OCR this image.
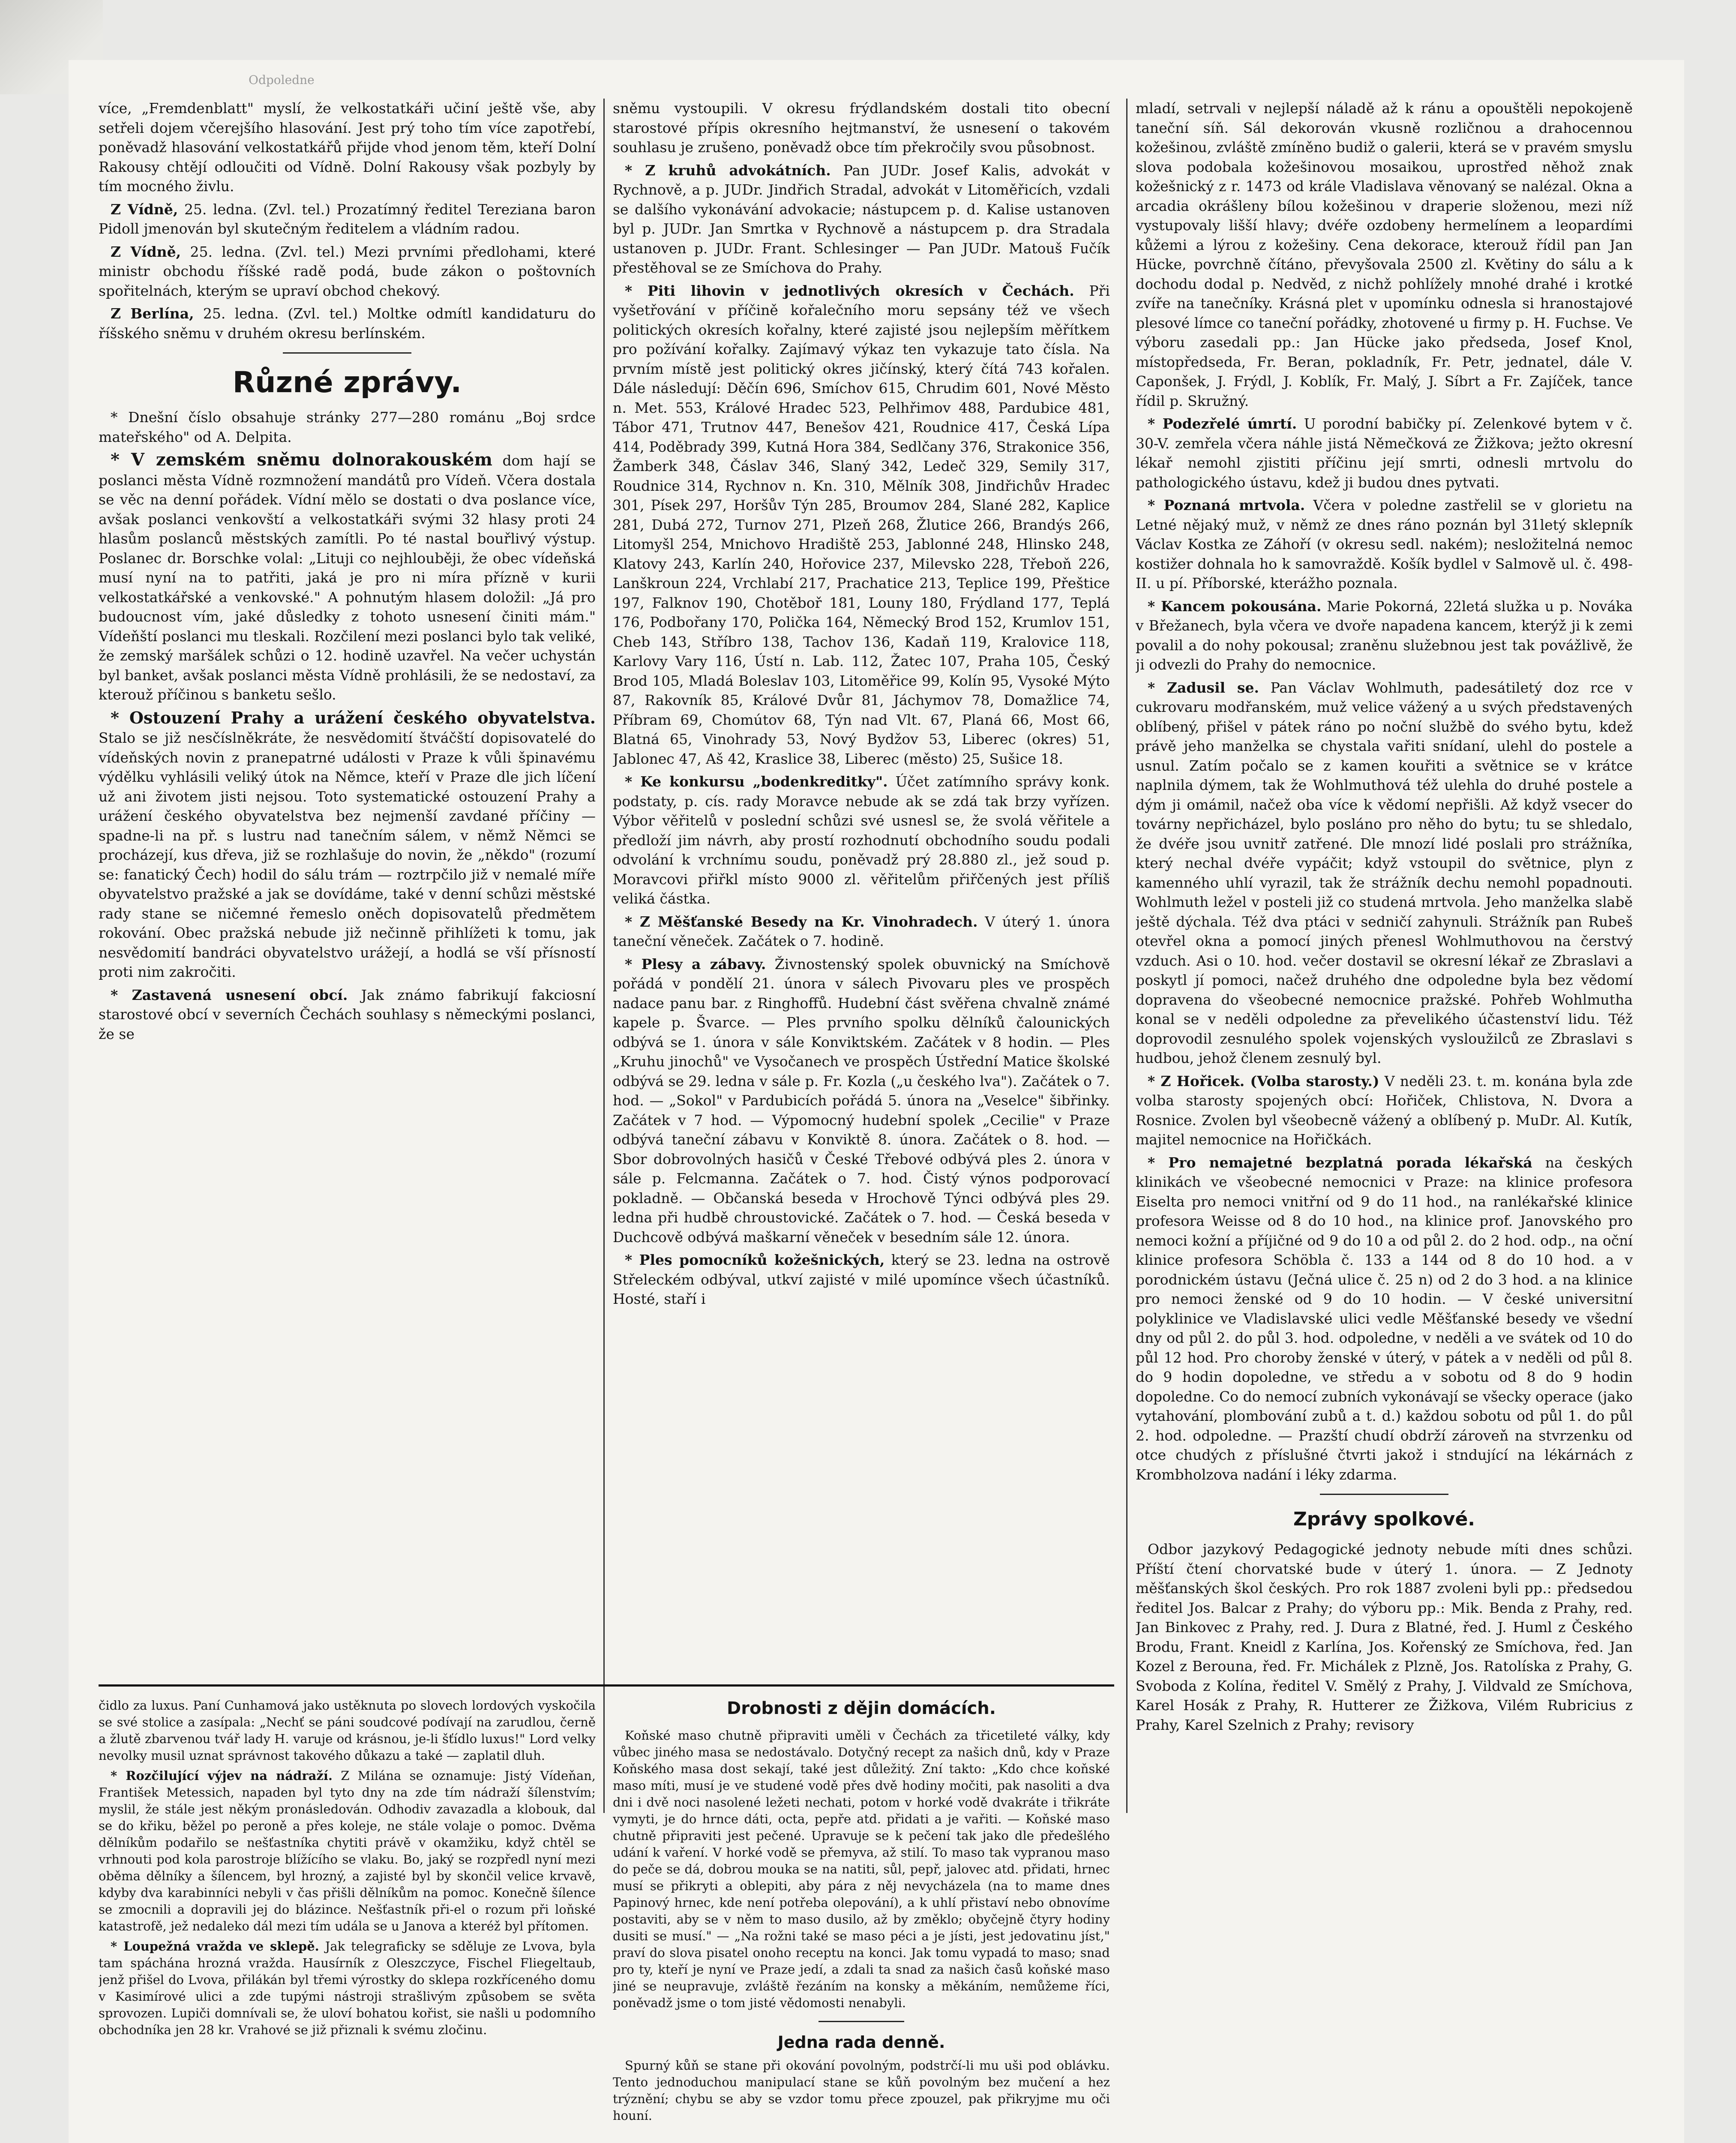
Odpoledne

více, „Fremdenblatt" myslí, že velkostatkáři učiní ještě vše, aby setřeli dojem včerejšího hlasování. Jest prý toho tím více zapotřebí, poněvadž hlasování velkostatkářů přijde vhod jenom těm, kteří Dolní Rakousy chtějí odloučiti od Vídně. Dolní Rakousy však pozbyly by tím mocného živlu.

Z Vídně, 25. ledna. (Zvl. tel.) Prozatímný ředitel Tereziana baron Pidoll jmenován byl skutečným ředitelem a vládním radou.

Z Vídně, 25. ledna. (Zvl. tel.) Mezi prvními předlohami, které ministr obchodu říšské radě podá, bude zákon o poštovních spořitelnách, kterým se upraví obchod chekový.

Z Berlína, 25. ledna. (Zvl. tel.) Moltke odmítl kandidaturu do říšského sněmu v druhém okresu berlínském.

Různé zprávy.

* Dnešní číslo obsahuje stránky 277—280 románu „Boj srdce mateřského" od A. Delpita.

* V zemském sněmu dolnorakouském dom hají se poslanci města Vídně rozmnožení mandátů pro Vídeň. Včera dostala se věc na denní pořádek. Vídní mělo se dostati o dva poslance více, avšak poslanci venkovští a velkostatkáři svými 32 hlasy proti 24 hlasům poslanců městských zamítli. Po té nastal bouřlivý výstup. Poslanec dr. Borschke volal: „Lituji co nejhlouběji, že obec vídeňská musí nyní na to patřiti, jaká je pro ni míra přízně v kurii velkostatkářské a venkovské." A pohnutým hlasem doložil: „Já pro budoucnost vím, jaké důsledky z tohoto usnesení činiti mám." Vídeňští poslanci mu tleskali. Rozčilení mezi poslanci bylo tak veliké, že zemský maršálek schůzi o 12. hodině uzavřel. Na večer uchystán byl banket, avšak poslanci města Vídně prohlásili, že se nedostaví, za kterouž příčinou s banketu sešlo.

* Ostouzení Prahy a urážení českého obyvatelstva. Stalo se již nesčíslněkráte, že nesvědomití štváčští dopisovatelé do vídeňských novin z pranepatrné události v Praze k vůli špinavému výdělku vyhlásili veliký útok na Němce, kteří v Praze dle jich líčení už ani životem jisti nejsou. Toto systematické ostouzení Prahy a urážení českého obyvatelstva bez nejmenší zavdané příčiny — spadne-li na př. s lustru nad tanečním sálem, v němž Němci se procházejí, kus dřeva, již se rozhlašuje do novin, že „někdo" (rozumí se: fanatický Čech) hodil do sálu trám — roztrpčilo již v nemalé míře obyvatelstvo pražské a jak se dovídáme, také v denní schůzi městské rady stane se ničemné řemeslo oněch dopisovatelů předmětem rokování. Obec pražská nebude již nečinně přihlížeti k tomu, jak nesvědomití bandráci obyvatelstvo urážejí, a hodlá se vší přísností proti nim zakročiti.

* Zastavená usnesení obcí. Jak známo fabrikují fakciosní starostové obcí v severních Čechách souhlasy s německými poslanci, že se

sněmu vystoupili. V okresu frýdlandském dostali tito obecní starostové přípis okresního hejtmanství, že usnesení o takovém souhlasu je zrušeno, poněvadž obce tím překročily svou působnost.

* Z kruhů advokátních. Pan JUDr. Josef Kalis, advokát v Rychnově, a p. JUDr. Jindřich Stradal, advokát v Litoměřicích, vzdali se dalšího vykonávání advokacie; nástupcem p. d. Kalise ustanoven byl p. JUDr. Jan Smrtka v Rychnově a nástupcem p. dra Stradala ustanoven p. JUDr. Frant. Schlesinger — Pan JUDr. Matouš Fučík přestěhoval se ze Smíchova do Prahy.

* Piti lihovin v jednotlivých okresích v Čechách. Při vyšetřování v příčině kořalečního moru sepsány též ve všech politických okresích kořalny, které zajisté jsou nejlepším měřítkem pro požívání kořalky. Zajímavý výkaz ten vykazuje tato čísla. Na prvním místě jest politický okres jičínský, který čítá 743 kořalen. Dále následují: Děčín 696, Smíchov 615, Chrudim 601, Nové Město n. Met. 553, Králové Hradec 523, Pelhřimov 488, Pardubice 481, Tábor 471, Trutnov 447, Benešov 421, Roudnice 417, Česká Lípa 414, Poděbrady 399, Kutná Hora 384, Sedlčany 376, Strakonice 356, Žamberk 348, Čáslav 346, Slaný 342, Ledeč 329, Semily 317, Roudnice 314, Rychnov n. Kn. 310, Mělník 308, Jindřichův Hradec 301, Písek 297, Horšův Týn 285, Broumov 284, Slané 282, Kaplice 281, Dubá 272, Turnov 271, Plzeň 268, Žlutice 266, Brandýs 266, Litomyšl 254, Mnichovo Hradiště 253, Jablonné 248, Hlinsko 248, Klatovy 243, Karlín 240, Hořovice 237, Milevsko 228, Třeboň 226, Lanškroun 224, Vrchlabí 217, Prachatice 213, Teplice 199, Přeštice 197, Falknov 190, Chotěboř 181, Louny 180, Frýdland 177, Teplá 176, Podbořany 170, Polička 164, Německý Brod 152, Krumlov 151, Cheb 143, Stříbro 138, Tachov 136, Kadaň 119, Kralovice 118, Karlovy Vary 116, Ústí n. Lab. 112, Žatec 107, Praha 105, Český Brod 105, Mladá Boleslav 103, Litoměřice 99, Kolín 95, Vysoké Mýto 87, Rakovník 85, Králové Dvůr 81, Jáchymov 78, Domažlice 74, Příbram 69, Chomútov 68, Týn nad Vlt. 67, Planá 66, Most 66, Blatná 65, Vinohrady 53, Nový Bydžov 53, Liberec (okres) 51, Jablonec 47, Aš 42, Kraslice 38, Liberec (město) 25, Sušice 18.

* Ke konkursu „bodenkreditky". Účet zatímního správy konk. podstaty, p. cís. rady Moravce nebude ak se zdá tak brzy vyřízen. Výbor věřitelů v poslední schůzi své usnesl se, že svolá věřitele a předloží jim návrh, aby prostí rozhodnutí obchodního soudu podali odvolání k vrchnímu soudu, poněvadž prý 28.880 zl., jež soud p. Moravcovi přiřkl místo 9000 zl. věřitelům přiřčených jest příliš veliká částka.

* Z Měšťanské Besedy na Kr. Vinohradech. V úterý 1. února taneční věneček. Začátek o 7. hodině.

* Plesy a zábavy. Živnostenský spolek obuvnický na Smíchově pořádá v pondělí 21. února v sálech Pivovaru ples ve prospěch nadace panu bar. z Ringhoffů. Hudební část svěřena chvalně známé kapele p. Švarce. — Ples prvního spolku dělníků čalounických odbývá se 1. února v sále Konviktském. Začátek v 8 hodin. — Ples „Kruhu jinochů" ve Vysočanech ve prospěch Ústřední Matice školské odbývá se 29. ledna v sále p. Fr. Kozla („u českého lva"). Začátek o 7. hod. — „Sokol" v Pardubicích pořádá 5. února na „Veselce" šibřinky. Začátek v 7 hod. — Výpomocný hudební spolek „Cecilie" v Praze odbývá taneční zábavu v Konviktě 8. února. Začátek o 8. hod. — Sbor dobrovolných hasičů v České Třebové odbývá ples 2. února v sále p. Felcmanna. Začátek o 7. hod. Čistý výnos podporovací pokladně. — Občanská beseda v Hrochově Týnci odbývá ples 29. ledna při hudbě chroustovické. Začátek o 7. hod. — Česká beseda v Duchcově odbývá maškarní věneček v besedním sále 12. února.

* Ples pomocníků kožešnických, který se 23. ledna na ostrově Střeleckém odbýval, utkví zajisté v milé upomínce všech účastníků. Hosté, staří i

mladí, setrvali v nejlepší náladě až k ránu a opouštěli nepokojeně taneční síň. Sál dekorován vkusně rozličnou a drahocennou kožešinou, zvláště zmíněno budiž o galerii, která se v pravém smyslu slova podobala kožešinovou mosaikou, uprostřed něhož znak kožešnický z r. 1473 od krále Vladislava věnovaný se nalézal. Okna a arcadia okrášleny bílou kožešinou v draperie složenou, mezi níž vystupovaly lišší hlavy; dvéře ozdobeny hermelínem a leopardími kůžemi a lýrou z kožešiny. Cena dekorace, kterouž řídil pan Jan Hücke, povrchně čítáno, převyšovala 2500 zl. Květiny do sálu a k dochodu dodal p. Nedvěd, z nichž pohlížely mnohé drahé i krotké zvíře na tanečníky. Krásná plet v upomínku odnesla si hranostajové plesové límce co taneční pořádky, zhotovené u firmy p. H. Fuchse. Ve výboru zasedali pp.: Jan Hücke jako předseda, Josef Knol, místopředseda, Fr. Beran, pokladník, Fr. Petr, jednatel, dále V. Caponšek, J. Frýdl, J. Koblík, Fr. Malý, J. Síbrt a Fr. Zajíček, tance řídil p. Skružný.

* Podezřelé úmrtí. U porodní babičky pí. Zelenkové bytem v č. 30-V. zemřela včera náhle jistá Němečková ze Žižkova; ježto okresní lékař nemohl zjistiti příčinu její smrti, odnesli mrtvolu do pathologického ústavu, kdež ji budou dnes pytvati.

* Poznaná mrtvola. Včera v poledne zastřelil se v glorietu na Letné nějaký muž, v němž ze dnes ráno poznán byl 31letý sklepník Václav Kostka ze Záhoří (v okresu sedl. nakém); nesložitelná nemoc kostižer dohnala ho k samovraždě. Košík bydlel v Salmově ul. č. 498-II. u pí. Příborské, kterážho poznala.

* Kancem pokousána. Marie Pokorná, 22letá služka u p. Nováka v Břežanech, byla včera ve dvoře napadena kancem, kterýž ji k zemi povalil a do nohy pokousal; zraněnu služebnou jest tak povážlivě, že ji odvezli do Prahy do nemocnice.

* Zadusil se. Pan Václav Wohlmuth, padesátiletý doz rce v cukrovaru modřanském, muž velice vážený a u svých představených oblíbený, přišel v pátek ráno po noční službě do svého bytu, kdež právě jeho manželka se chystala vařiti snídaní, ulehl do postele a usnul. Zatím počalo se z kamen kouřiti a světnice se v krátce naplnila dýmem, tak že Wohlmuthová též ulehla do druhé postele a dým ji omámil, načež oba více k vědomí nepřišli. Až když vsecer do továrny nepřicházel, bylo posláno pro něho do bytu; tu se shledalo, že dvéře jsou uvnitř zatřené. Dle mnozí lidé poslali pro strážníka, který nechal dvéře vypáčit; když vstoupil do světnice, plyn z kamenného uhlí vyrazil, tak že strážník dechu nemohl popadnouti. Wohlmuth ležel v posteli již co studená mrtvola. Jeho manželka slabě ještě dýchala. Též dva ptáci v sedničí zahynuli. Strážník pan Rubeš otevřel okna a pomocí jiných přenesl Wohlmuthovou na čerstvý vzduch. Asi o 10. hod. večer dostavil se okresní lékař ze Zbraslavi a poskytl jí pomoci, načež druhého dne odpoledne byla bez vědomí dopravena do všeobecné nemocnice pražské. Pohřeb Wohlmutha konal se v neděli odpoledne za převelikého účastenství lidu. Též doprovodil zesnulého spolek vojenských vysloužilců ze Zbraslavi s hudbou, jehož členem zesnulý byl.

* Z Hořicek. (Volba starosty.) V neděli 23. t. m. konána byla zde volba starosty spojených obcí: Hořiček, Chlistova, N. Dvora a Rosnice. Zvolen byl všeobecně vážený a oblíbený p. MuDr. Al. Kutík, majitel nemocnice na Hořičkách.

* Pro nemajetné bezplatná porada lékařská na českých klinikách ve všeobecné nemocnici v Praze: na klinice profesora Eiselta pro nemoci vnitřní od 9 do 11 hod., na ranlékařské klinice profesora Weisse od 8 do 10 hod., na klinice prof. Janovského pro nemoci kožní a příjičné od 9 do 10 a od půl 2. do 2 hod. odp., na oční klinice profesora Schöbla č. 133 a 144 od 8 do 10 hod. a v porodnickém ústavu (Ječná ulice č. 25 n) od 2 do 3 hod. a na klinice pro nemoci ženské od 9 do 10 hodin. — V české universitní polyklinice ve Vladislavské ulici vedle Měšťanské besedy ve všední dny od půl 2. do půl 3. hod. odpoledne, v neděli a ve svátek od 10 do půl 12 hod. Pro choroby ženské v úterý, v pátek a v neděli od půl 8. do 9 hodin dopoledne, ve středu a v sobotu od 8 do 9 hodin dopoledne. Co do nemocí zubních vykonávají se všecky operace (jako vytahování, plombování zubů a t. d.) každou sobotu od půl 1. do půl 2. hod. odpoledne. — Prazští chudí obdrží zároveň na stvrzenku od otce chudých z příslušné čtvrti jakož i stndující na lékárnách z Krombholzova nadání i léky zdarma.

Zprávy spolkové.

Odbor jazykový Pedagogické jednoty nebude míti dnes schůzi. Příští čtení chorvatské bude v úterý 1. února. — Z Jednoty měšťanských škol českých. Pro rok 1887 zvoleni byli pp.: předsedou ředitel Jos. Balcar z Prahy; do výboru pp.: Mik. Benda z Prahy, red. Jan Binkovec z Prahy, red. J. Dura z Blatné, řed. J. Huml z Českého Brodu, Frant. Kneidl z Karlína, Jos. Kořenský ze Smíchova, řed. Jan Kozel z Berouna, řed. Fr. Michálek z Plzně, Jos. Ratolíska z Prahy, G. Svoboda z Kolína, ředitel V. Smělý z Prahy, J. Vildvald ze Smíchova, Karel Hosák z Prahy, R. Hutterer ze Žižkova, Vilém Rubricius z Prahy, Karel Szelnich z Prahy; revisory

čidlo za luxus. Paní Cunhamová jako ustěknuta po slovech lordových vyskočila se své stolice a zasípala: „Nechť se páni soudcové podívají na zarudlou, černě a žlutě zbarvenou tvář lady H. varuje od krásnou, je-li šťídlo luxus!" Lord velky nevolky musil uznat správnost takového důkazu a také — zaplatil dluh.

* Rozčilující výjev na nádraží. Z Milána se oznamuje: Jistý Vídeňan, František Metessich, napaden byl tyto dny na zde tím nádraží šílenstvím; myslil, že stále jest někým pronásledován. Odhodiv zavazadla a klobouk, dal se do křiku, běžel po peroně a přes koleje, ne stále volaje o pomoc. Dvěma dělníkům podařilo se nešťastníka chytiti právě v okamžiku, když chtěl se vrhnouti pod kola parostroje blížícího se vlaku. Bo, jaký se rozpředl nyní mezi oběma dělníky a šílencem, byl hrozný, a zajisté byl by skončil velice krvavě, kdyby dva karabinníci nebyli v čas přišli dělníkům na pomoc. Konečně šílence se zmocnili a dopravili jej do blázince. Nešťastník při-el o rozum při loňské katastrofě, jež nedaleko dál mezi tím udála se u Janova a kteréž byl přítomen.

* Loupežná vražda ve sklepě. Jak telegraficky se sděluje ze Lvova, byla tam spáchána hrozná vražda. Hausírník z Oleszczyce, Fischel Fliegeltaub, jenž přišel do Lvova, přilákán byl třemi výrostky do sklepa rozkříceného domu v Kasimírové ulici a zde tupými nástroji strašlivým způsobem se světa sprovozen. Lupiči domnívali se, že uloví bohatou kořist, sie našli u podomního obchodníka jen 28 kr. Vrahové se již přiznali k svému zločinu.

Drobnosti z dějin domácích.

Koňské maso chutně připraviti uměli v Čechách za třicetileté války, kdy vůbec jiného masa se nedostávalo. Dotyčný recept za našich dnů, kdy v Praze Koňského masa dost sekají, také jest důležitý. Zní takto: „Kdo chce koňské maso míti, musí je ve studené vodě přes dvě hodiny močiti, pak nasoliti a dva dni i dvě noci nasolené ležeti nechati, potom v horké vodě dvakráte i třikráte vymyti, je do hrnce dáti, octa, pepře atd. přidati a je vařiti. — Koňské maso chutně připraviti jest pečené. Upravuje se k pečení tak jako dle předešlého udání k vaření. V horké vodě se přemyva, až stilí. To maso tak vypranou maso do peče se dá, dobrou mouka se na natiti, sůl, pepř, jalovec atd. přidati, hrnec musí se přikryti a oblepiti, aby pára z něj nevycházela (na to mame dnes Papinový hrnec, kde není potřeba olepování), a k uhlí přistaví nebo obnovíme postaviti, aby se v něm to maso dusilo, až by změklo; obyčejně čtyry hodiny dusiti se musí." — „Na rožni také se maso péci a je jísti, jest jedovatinu jíst," praví do slova pisatel onoho receptu na konci. Jak tomu vypadá to maso; snad pro ty, kteří je nyní ve Praze jedí, a zdali ta snad za našich časů koňské maso jiné se neupravuje, zvláště řezáním na konsky a měkáním, nemůžeme říci, poněvadž jsme o tom jisté vědomosti nenabyli.

Jedna rada denně.

Spurný kůň se stane při okování povolným, podstrčí-li mu uši pod oblávku. Tento jednoduchou manipulací stane se kůň povolným bez mučení a hez trýznění; chybu se aby se vzdor tomu přece zpouzel, pak přikryjme mu oči houní.
